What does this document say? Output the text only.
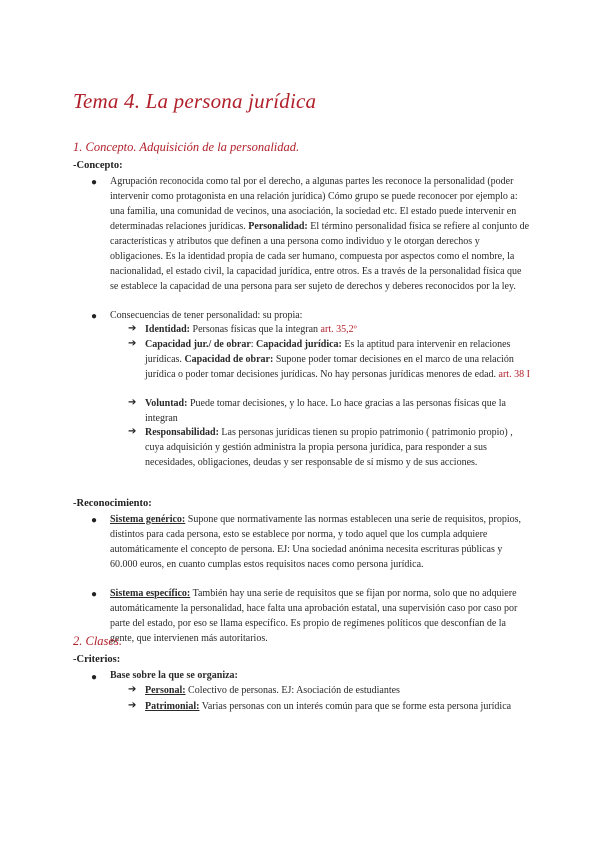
Tema 4. La persona jurídica
1. Concepto. Adquisición de la personalidad.
-Concepto:
● Agrupación reconocida como tal por el derecho, a algunas partes les reconoce la personalidad (poder intervenir como protagonista en una relación jurídica) Cómo grupo se puede reconocer por ejemplo a: una familia, una comunidad de vecinos, una asociación, la sociedad etc. El estado puede intervenir en determinadas relaciones jurídicas. Personalidad: El término personalidad física se refiere al conjunto de características y atributos que definen a una persona como individuo y le otorgan derechos y obligaciones. Es la identidad propia de cada ser humano, compuesta por aspectos como el nombre, la nacionalidad, el estado civil, la capacidad jurídica, entre otros. Es a través de la personalidad física que se establece la capacidad de una persona para ser sujeto de derechos y deberes reconocidos por la ley.
● Consecuencias de tener personalidad: su propia:
➔ Identidad: Personas físicas que la integran art. 35,2º
➔ Capacidad jur./ de obrar: Capacidad jurídica: Es la aptitud para intervenir en relaciones jurídicas. Capacidad de obrar: Supone poder tomar decisiones en el marco de una relación jurídica o poder tomar decisiones jurídicas. No hay personas jurídicas menores de edad. art. 38 I
➔ Voluntad: Puede tomar decisiones, y lo hace. Lo hace gracias a las personas físicas que la integran
➔ Responsabilidad: Las personas jurídicas tienen su propio patrimonio ( patrimonio propio) , cuya adquisición y gestión administra la propia persona jurídica, para responder a sus necesidades, obligaciones, deudas y ser responsable de sí mismo y de sus acciones.
-Reconocimiento:
● Sistema genérico: Supone que normativamente las normas establecen una serie de requisitos, propios, distintos para cada persona, esto se establece por norma, y todo aquel que los cumpla adquiere automáticamente el concepto de persona. EJ: Una sociedad anónima necesita escrituras públicas y 60.000 euros, en cuanto cumplas estos requisitos naces como persona jurídica.
● Sistema específico: También hay una serie de requisitos que se fijan por norma, solo que no adquiere automáticamente la personalidad, hace falta una aprobación estatal, una supervisión caso por caso por parte del estado, por eso se llama específico. Es propio de regímenes políticos que desconfían de la gente, que intervienen más autoritarios.
2. Clases.
-Criterios:
● Base sobre la que se organiza:
➔ Personal: Colectivo de personas. EJ: Asociación de estudiantes
➔ Patrimonial: Varias personas con un interés común para que se forme esta persona jurídica
